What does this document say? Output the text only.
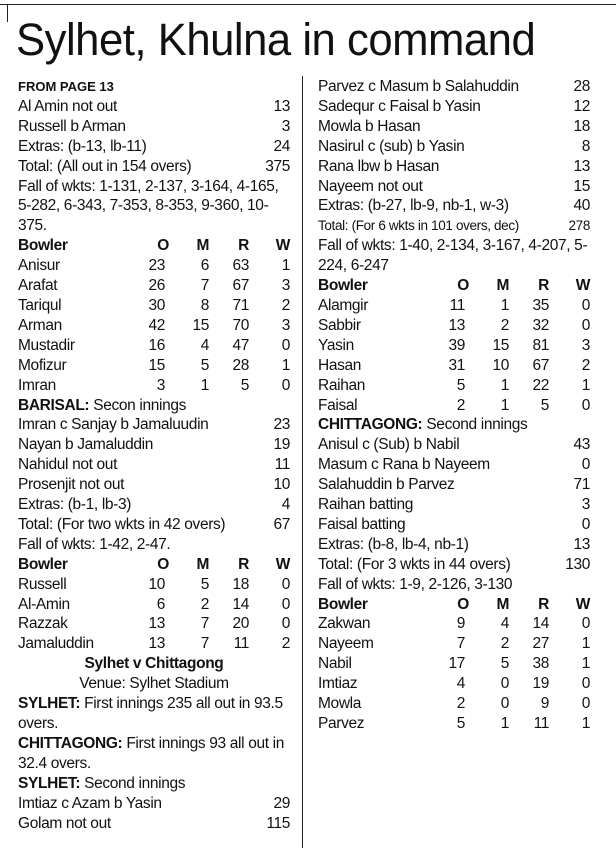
Sylhet, Khulna in command
FROM PAGE 13
Al Amin not out	13
Russell b Arman	3
Extras: (b-13, lb-11)	24
Total: (All out in 154 overs)	375
Fall of wkts: 1-131, 2-137, 3-164, 4-165, 5-282, 6-343, 7-353, 8-353, 9-360, 10-375.
Bowler	O	M	R	W
Anisur	23	6	63	1
Arafat	26	7	67	3
Tariqul	30	8	71	2
Arman	42	15	70	3
Mustadir	16	4	47	0
Mofizur	15	5	28	1
Imran	3	1	5	0
BARISAL: Secon innings
Imran c Sanjay b Jamaluudin	23
Nayan b Jamaluddin	19
Nahidul not out	11
Prosenjit not out	10
Extras: (b-1, lb-3)	4
Total: (For two wkts in 42 overs)	67
Fall of wkts: 1-42, 2-47.
Bowler	O	M	R	W
Russell	10	5	18	0
Al-Amin	6	2	14	0
Razzak	13	7	20	0
Jamaluddin	13	7	11	2
Sylhet v Chittagong
Venue: Sylhet Stadium
SYLHET: First innings 235 all out in 93.5 overs.
CHITTAGONG: First innings 93 all out in 32.4 overs.
SYLHET: Second innings
Imtiaz c Azam b Yasin	29
Golam not out	115
Parvez c Masum b Salahuddin	28
Sadequr c Faisal b Yasin	12
Mowla b Hasan	18
Nasirul c (sub) b Yasin	8
Rana lbw b Hasan	13
Nayeem not out	15
Extras: (b-27, lb-9, nb-1, w-3)	40
Total: (For 6 wkts in 101 overs, dec)	278
Fall of wkts: 1-40, 2-134, 3-167, 4-207, 5-224, 6-247
Bowler	O	M	R	W
Alamgir	11	1	35	0
Sabbir	13	2	32	0
Yasin	39	15	81	3
Hasan	31	10	67	2
Raihan	5	1	22	1
Faisal	2	1	5	0
CHITTAGONG: Second innings
Anisul c (Sub) b Nabil	43
Masum c Rana b Nayeem	0
Salahuddin b Parvez	71
Raihan batting	3
Faisal batting	0
Extras: (b-8, lb-4, nb-1)	13
Total: (For 3 wkts in 44 overs)	130
Fall of wkts: 1-9, 2-126, 3-130
Bowler	O	M	R	W
Zakwan	9	4	14	0
Nayeem	7	2	27	1
Nabil	17	5	38	1
Imtiaz	4	0	19	0
Mowla	2	0	9	0
Parvez	5	1	11	1
